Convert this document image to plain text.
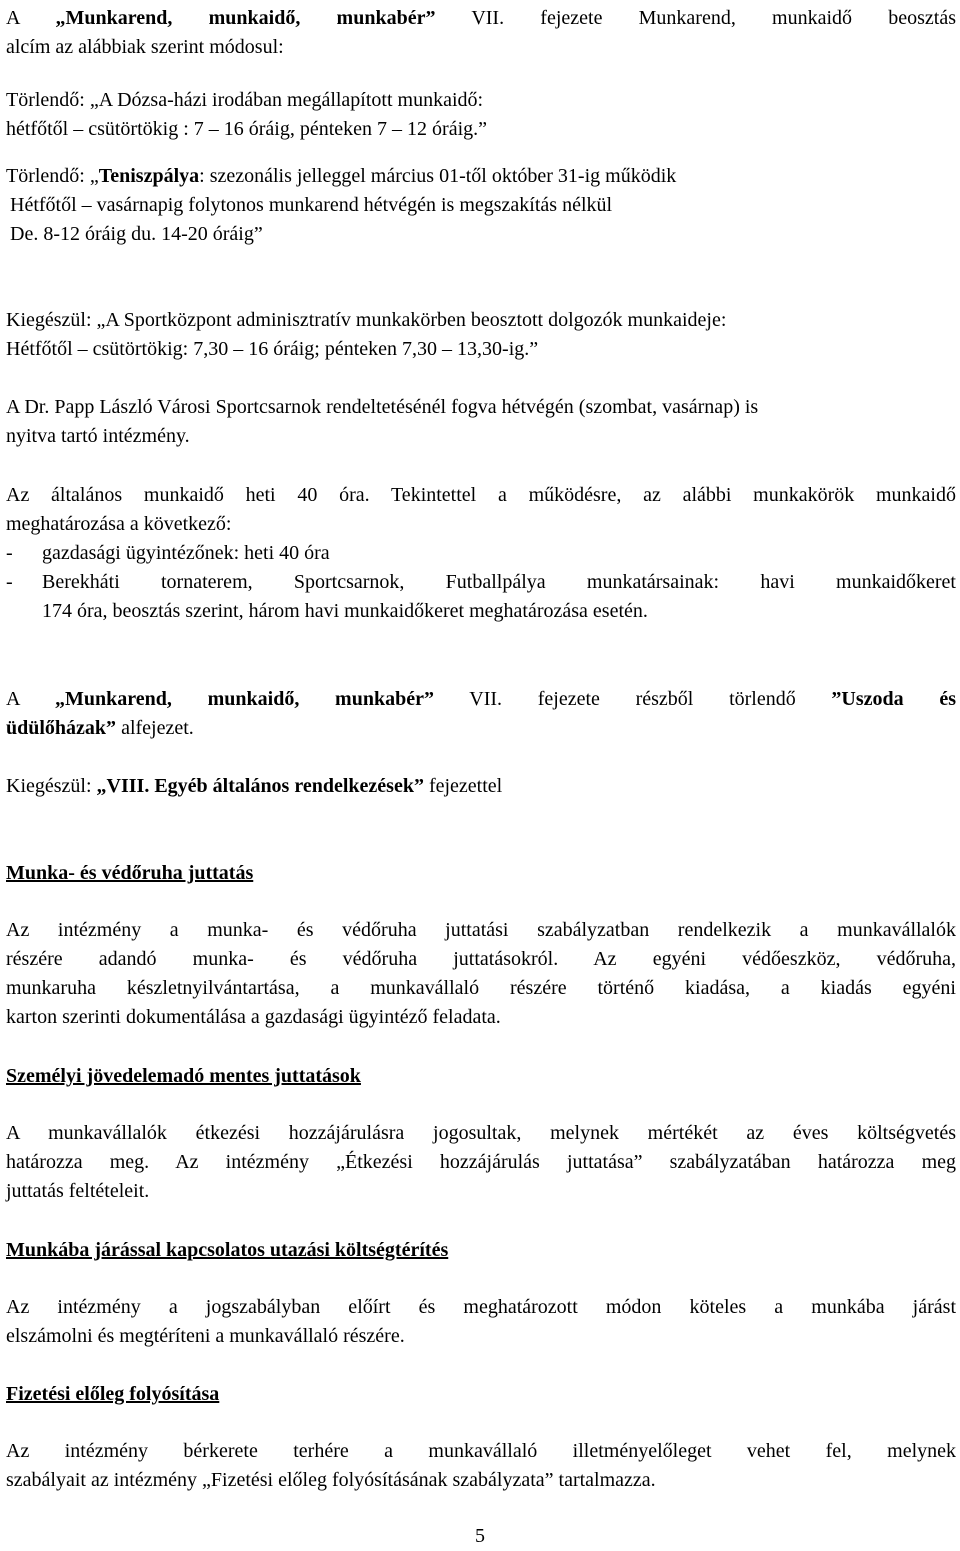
A „Munkarend, munkaidő, munkabér” VII. fejezete Munkarend, munkaidő beosztás
alcím az alábbiak szerint módosul:
Törlendő: „A Dózsa-házi irodában megállapított munkaidő:
hétfőtől – csütörtökig : 7 – 16 óráig, pénteken 7 – 12 óráig.”
Törlendő: „Teniszpálya: szezonális jelleggel március 01-től október 31-ig működik
Hétfőtől – vasárnapig folytonos munkarend hétvégén is megszakítás nélkül
De. 8-12 óráig du. 14-20 óráig”
Kiegészül: „A Sportközpont adminisztratív munkakörben beosztott dolgozók munkaideje:
Hétfőtől – csütörtökig: 7,30 – 16 óráig; pénteken 7,30 – 13,30-ig.”
A Dr. Papp László Városi Sportcsarnok rendeltetésénél fogva hétvégén (szombat, vasárnap) is
nyitva tartó intézmény.
Az általános munkaidő heti 40 óra. Tekintettel a működésre, az alábbi munkakörök munkaidő
meghatározása a következő:
- gazdasági ügyintézőnek: heti 40 óra
- Berekháti tornaterem, Sportcsarnok, Futballpálya munkatársainak: havi munkaidőkeret
174 óra, beosztás szerint, három havi munkaidőkeret meghatározása esetén.
A „Munkarend, munkaidő, munkabér” VII. fejezete részből törlendő ”Uszoda és
üdülőházak” alfejezet.
Kiegészül: „VIII. Egyéb általános rendelkezések” fejezettel
Munka- és védőruha juttatás
Az intézmény a munka- és védőruha juttatási szabályzatban rendelkezik a munkavállalók
részére adandó munka- és védőruha juttatásokról. Az egyéni védőeszköz, védőruha,
munkaruha készletnyilvántartása, a munkavállaló részére történő kiadása, a kiadás egyéni
karton szerinti dokumentálása a gazdasági ügyintéző feladata.
Személyi jövedelemadó mentes juttatások
A munkavállalók étkezési hozzájárulásra jogosultak, melynek mértékét az éves költségvetés
határozza meg. Az intézmény „Étkezési hozzájárulás juttatása” szabályzatában határozza meg
juttatás feltételeit.
Munkába járással kapcsolatos utazási költségtérítés
Az intézmény a jogszabályban előírt és meghatározott módon köteles a munkába járást
elszámolni és megtéríteni a munkavállaló részére.
Fizetési előleg folyósítása
Az intézmény bérkerete terhére a munkavállaló illetményelőleget vehet fel, melynek
szabályait az intézmény „Fizetési előleg folyósításának szabályzata” tartalmazza.
5
